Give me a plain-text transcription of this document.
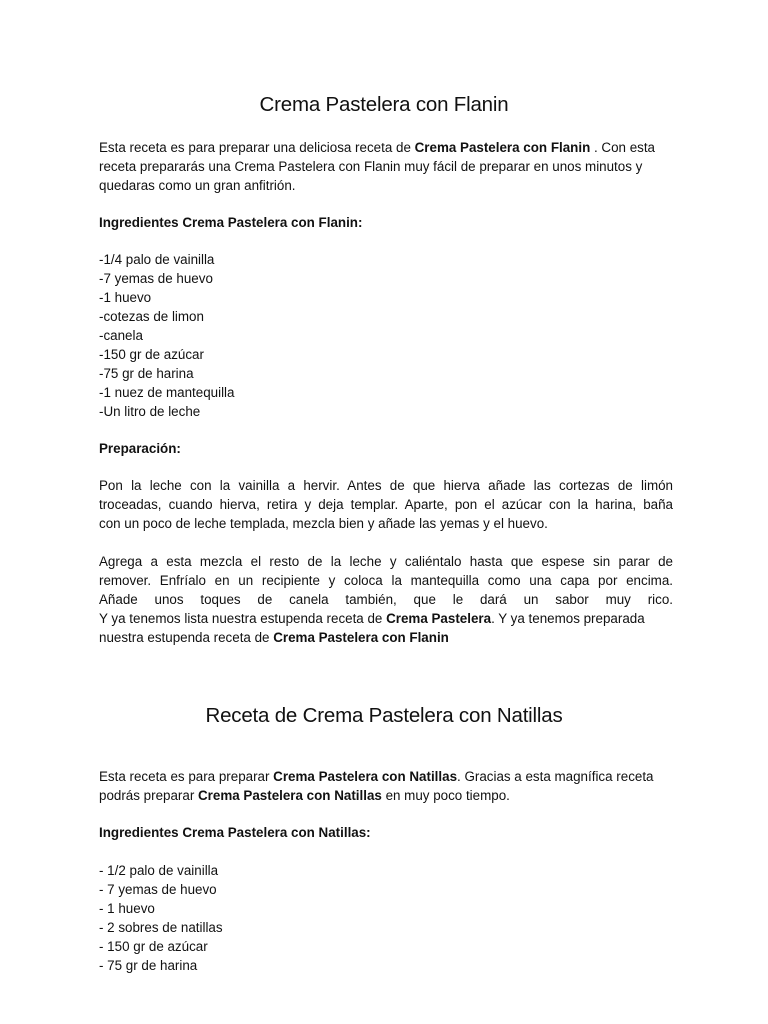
Crema Pastelera con Flanin
Esta receta es para preparar una deliciosa receta de Crema Pastelera con Flanin . Con esta
receta prepararás una Crema Pastelera con Flanin muy fácil de preparar en unos minutos y
quedaras como un gran anfitrión.
Ingredientes Crema Pastelera con Flanin:
-1/4 palo de vainilla
-7 yemas de huevo
-1 huevo
-cotezas de limon
-canela
-150 gr de azúcar
-75 gr de harina
-1 nuez de mantequilla
-Un litro de leche
Preparación:
Pon la leche con la vainilla a hervir. Antes de que hierva añade las cortezas de limón
troceadas, cuando hierva, retira y deja templar. Aparte, pon el azúcar con la harina, baña
con un poco de leche templada, mezcla bien y añade las yemas y el huevo.
Agrega a esta mezcla el resto de la leche y caliéntalo hasta que espese sin parar de
remover. Enfríalo en un recipiente y coloca la mantequilla como una capa por encima.
Añade unos toques de canela también, que le dará un sabor muy rico.
Y ya tenemos lista nuestra estupenda receta de Crema Pastelera. Y ya tenemos preparada
nuestra estupenda receta de Crema Pastelera con Flanin
Receta de Crema Pastelera con Natillas
Esta receta es para preparar Crema Pastelera con Natillas. Gracias a esta magnífica receta
podrás preparar Crema Pastelera con Natillas en muy poco tiempo.
Ingredientes Crema Pastelera con Natillas:
- 1/2 palo de vainilla
- 7 yemas de huevo
- 1 huevo
- 2 sobres de natillas
- 150 gr de azúcar
- 75 gr de harina
